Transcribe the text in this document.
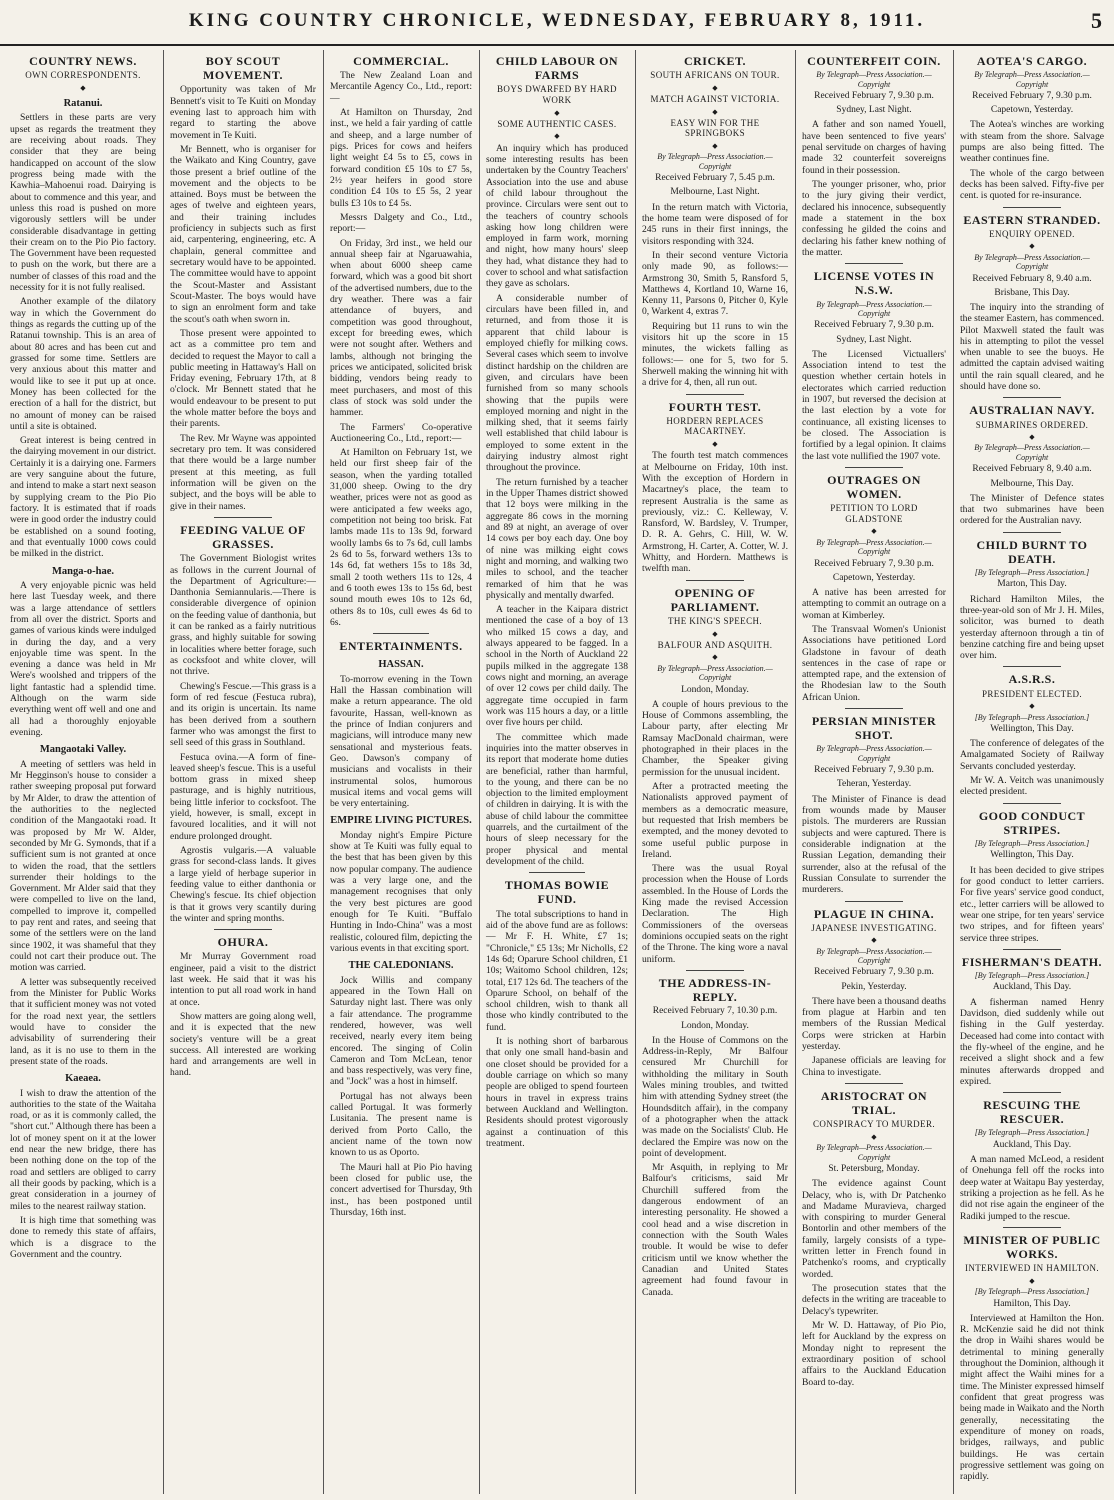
KING COUNTRY CHRONICLE, WEDNESDAY, FEBRUARY 8, 1911.	5
COUNTRY NEWS.
OWN CORRESPONDENTS.
◆
Ratanui.

Settlers in these parts are very upset as regards the treatment they are receiving about roads. They consider that they are being handicapped on account of the slow progress being made with the Kawhia–Mahoenui road. Dairying is about to commence and this year, and unless this road is pushed on more vigorously settlers will be under considerable disadvantage in getting their cream on to the Pio Pio factory. The Government have been requested to push on the work, but there are a number of classes of this road and the necessity for it is not fully realised.

Another example of the dilatory way in which the Government do things as regards the cutting up of the Ratanui township. This is an area of about 80 acres and has been cut and grassed for some time. Settlers are very anxious about this matter and would like to see it put up at once. Money has been collected for the erection of a hall for the district, but no amount of money can be raised until a site is obtained.

Great interest is being centred in the dairying movement in our district. Certainly it is a dairying one. Farmers are very sanguine about the future, and intend to make a start next season by supplying cream to the Pio Pio factory. It is estimated that if roads were in good order the industry could be established on a sound footing, and that eventually 1000 cows could be milked in the district.

Manga-o-hae.

A very enjoyable picnic was held here last Tuesday week, and there was a large attendance of settlers from all over the district. Sports and games of various kinds were indulged in during the day, and a very enjoyable time was spent. In the evening a dance was held in Mr Were's woolshed and trippers of the light fantastic had a splendid time. Although on the warm side everything went off well and one and all had a thoroughly enjoyable evening.

Mangaotaki Valley.

A meeting of settlers was held in Mr Hegginson's house to consider a rather sweeping proposal put forward by Mr Alder, to draw the attention of the authorities to the neglected condition of the Mangaotaki road. It was proposed by Mr W. Alder, seconded by Mr G. Symonds, that if a sufficient sum is not granted at once to widen the road, that the settlers surrender their holdings to the Government. Mr Alder said that they were compelled to live on the land, compelled to improve it, compelled to pay rent and rates, and seeing that some of the settlers were on the land since 1902, it was shameful that they could not cart their produce out. The motion was carried.

A letter was subsequently received from the Minister for Public Works that it sufficient money was not voted for the road next year, the settlers would have to consider the advisability of surrendering their land, as it is no use to them in the present state of the roads.

Kaeaea.

I wish to draw the attention of the authorities to the state of the Waitaha road, or as it is commonly called, the "short cut." Although there has been a lot of money spent on it at the lower end near the new bridge, there has been nothing done on the top of the road and settlers are obliged to carry all their goods by packing, which is a great consideration in a journey of miles to the nearest railway station.

It is high time that something was done to remedy this state of affairs, which is a disgrace to the Government and the country.

BOY SCOUT MOVEMENT.

Opportunity was taken of Mr Bennett's visit to Te Kuiti on Monday evening last to approach him with regard to starting the above movement in Te Kuiti.

Mr Bennett, who is organiser for the Waikato and King Country, gave those present a brief outline of the movement and the objects to be attained. Boys must be between the ages of twelve and eighteen years, and their training includes proficiency in subjects such as first aid, carpentering, engineering, etc. A chaplain, general committee and secretary would have to be appointed. The committee would have to appoint the Scout-Master and Assistant Scout-Master. The boys would have to sign an enrolment form and take the scout's oath when sworn in.

Those present were appointed to act as a committee pro tem and decided to request the Mayor to call a public meeting in Hattaway's Hall on Friday evening, February 17th, at 8 o'clock. Mr Bennett stated that he would endeavour to be present to put the whole matter before the boys and their parents.

The Rev. Mr Wayne was appointed secretary pro tem. It was considered that there would be a large number present at this meeting, as full information will be given on the subject, and the boys will be able to give in their names.

FEEDING VALUE OF GRASSES.

The Government Biologist writes as follows in the current Journal of the Department of Agriculture:— Danthonia Semiannularis.—There is considerable divergence of opinion on the feeding value of danthonia, but it can be ranked as a fairly nutritious grass, and highly suitable for sowing in localities where better forage, such as cocksfoot and white clover, will not thrive.

Chewing's Fescue.—This grass is a form of red fescue (Festuca rubra), and its origin is uncertain. Its name has been derived from a southern farmer who was amongst the first to sell seed of this grass in Southland.

Festuca ovina.—A form of fine-leaved sheep's fescue. This is a useful bottom grass in mixed sheep pasturage, and is highly nutritious, being little inferior to cocksfoot. The yield, however, is small, except in favoured localities, and it will not endure prolonged drought.

Agrostis vulgaris.—A valuable grass for second-class lands. It gives a large yield of herbage superior in feeding value to either danthonia or Chewing's fescue. Its chief objection is that it grows very scantily during the winter and spring months.

OHURA.

Mr Murray Government road engineer, paid a visit to the district last week. He said that it was his intention to put all road work in hand at once.

Show matters are going along well, and it is expected that the new society's venture will be a great success. All interested are working hard and arrangements are well in hand.

COMMERCIAL.

The New Zealand Loan and Mercantile Agency Co., Ltd., report:—

At Hamilton on Thursday, 2nd inst., we held a fair yarding of cattle and sheep, and a large number of pigs. Prices for cows and heifers light weight £4 5s to £5, cows in forward condition £5 10s to £7 5s, 2½ year heifers in good store condition £4 10s to £5 5s, 2 year bulls £3 10s to £4 5s.

Messrs Dalgety and Co., Ltd., report:—

On Friday, 3rd inst., we held our annual sheep fair at Ngaruawahia, when about 6000 sheep came forward, which was a good bit short of the advertised numbers, due to the dry weather. There was a fair attendance of buyers, and competition was good throughout, except for breeding ewes, which were not sought after. Wethers and lambs, although not bringing the prices we anticipated, solicited brisk bidding, vendors being ready to meet purchasers, and most of this class of stock was sold under the hammer.

The Farmers' Co-operative Auctioneering Co., Ltd., report:—

At Hamilton on February 1st, we held our first sheep fair of the season, when the yarding totalled 31,000 sheep. Owing to the dry weather, prices were not as good as were anticipated a few weeks ago, competition not being too brisk. Fat lambs made 11s to 13s 9d, forward woolly lambs 6s to 7s 6d, cull lambs 2s 6d to 5s, forward wethers 13s to 14s 6d, fat wethers 15s to 18s 3d, small 2 tooth wethers 11s to 12s, 4 and 6 tooth ewes 13s to 15s 6d, best sound mouth ewes 10s to 12s 6d, others 8s to 10s, cull ewes 4s 6d to 6s.

ENTERTAINMENTS.
HASSAN.

To-morrow evening in the Town Hall the Hassan combination will make a return appearance. The old favourite, Hassan, well-known as the prince of Indian conjurers and magicians, will introduce many new sensational and mysterious feats. Geo. Dawson's company of musicians and vocalists in their instrumental solos, humorous musical items and vocal gems will be very entertaining.

EMPIRE LIVING PICTURES.

Monday night's Empire Picture show at Te Kuiti was fully equal to the best that has been given by this now popular company. The audience was a very large one, and the management recognises that only the very best pictures are good enough for Te Kuiti. "Buffalo Hunting in Indo-China" was a most realistic, coloured film, depicting the various events in that exciting sport.

THE CALEDONIANS.

Jock Willis and company appeared in the Town Hall on Saturday night last. There was only a fair attendance. The programme rendered, however, was well received, nearly every item being encored. The singing of Colin Cameron and Tom McLean, tenor and bass respectively, was very fine, and "Jock" was a host in himself.

Portugal has not always been called Portugal. It was formerly Lusitania. The present name is derived from Porto Callo, the ancient name of the town now known to us as Oporto.

The Mauri hall at Pio Pio having been closed for public use, the concert advertised for Thursday, 9th inst., has been postponed until Thursday, 16th inst.

CHILD LABOUR ON FARMS
BOYS DWARFED BY HARD WORK
◆
SOME AUTHENTIC CASES.
◆

An inquiry which has produced some interesting results has been undertaken by the Country Teachers' Association into the use and abuse of child labour throughout the province. Circulars were sent out to the teachers of country schools asking how long children were employed in farm work, morning and night, how many hours' sleep they had, what distance they had to cover to school and what satisfaction they gave as scholars.

A considerable number of circulars have been filled in, and returned, and from those it is apparent that child labour is employed chiefly for milking cows. Several cases which seem to involve distinct hardship on the children are given, and circulars have been furnished from so many schools showing that the pupils were employed morning and night in the milking shed, that it seems fairly well established that child labour is employed to some extent in the dairying industry almost right throughout the province.

The return furnished by a teacher in the Upper Thames district showed that 12 boys were milking in the aggregate 86 cows in the morning and 89 at night, an average of over 14 cows per boy each day. One boy of nine was milking eight cows night and morning, and walking two miles to school, and the teacher remarked of him that he was physically and mentally dwarfed.

A teacher in the Kaipara district mentioned the case of a boy of 13 who milked 15 cows a day, and always appeared to be fagged. In a school in the North of Auckland 22 pupils milked in the aggregate 138 cows night and morning, an average of over 12 cows per child daily. The aggregate time occupied in farm work was 115 hours a day, or a little over five hours per child.

The committee which made inquiries into the matter observes in its report that moderate home duties are beneficial, rather than harmful, to the young, and there can be no objection to the limited employment of children in dairying. It is with the abuse of child labour the committee quarrels, and the curtailment of the hours of sleep necessary for the proper physical and mental development of the child.

THOMAS BOWIE FUND.

The total subscriptions to hand in aid of the above fund are as follows:— Mr F. H. White, £7 1s; "Chronicle," £5 13s; Mr Nicholls, £2 14s 6d; Oparure School children, £1 10s; Waitomo School children, 12s; total, £17 12s 6d. The teachers of the Oparure School, on behalf of the school children, wish to thank all those who kindly contributed to the fund.

It is nothing short of barbarous that only one small hand-basin and one closet should be provided for a double carriage on which so many people are obliged to spend fourteen hours in travel in express trains between Auckland and Wellington. Residents should protest vigorously against a continuation of this treatment.

CRICKET.
SOUTH AFRICANS ON TOUR.
◆
MATCH AGAINST VICTORIA.
◆
EASY WIN FOR THE SPRINGBOKS
◆
By Telegraph—Press Association.—Copyright
Received February 7, 5.45 p.m.
Melbourne, Last Night.

In the return match with Victoria, the home team were disposed of for 245 runs in their first innings, the visitors responding with 324.

In their second venture Victoria only made 90, as follows:—Armstrong 30, Smith 5, Ransford 5, Matthews 4, Kortland 10, Warne 16, Kenny 11, Parsons 0, Pitcher 0, Kyle 0, Warkent 4, extras 7.

Requiring but 11 runs to win the visitors hit up the score in 15 minutes, the wickets falling as follows:— one for 5, two for 5. Sherwell making the winning hit with a drive for 4, then, all run out.

FOURTH TEST.
HORDERN REPLACES MACARTNEY.
◆

The fourth test match commences at Melbourne on Friday, 10th inst. With the exception of Hordern in Macartney's place, the team to represent Australia is the same as previously, viz.: C. Kelleway, V. Ransford, W. Bardsley, V. Trumper, D. R. A. Gehrs, C. Hill, W. W. Armstrong, H. Carter, A. Cotter, W. J. Whitty, and Hordern. Matthews is twelfth man.

OPENING OF PARLIAMENT.
THE KING'S SPEECH.
◆
BALFOUR AND ASQUITH.
◆
By Telegraph—Press Association.—Copyright
London, Monday.

A couple of hours previous to the House of Commons assembling, the Labour party, after electing Mr Ramsay MacDonald chairman, were photographed in their places in the Chamber, the Speaker giving permission for the unusual incident.

After a protracted meeting the Nationalists approved payment of members as a democratic measure, but requested that Irish members be exempted, and the money devoted to some useful public purpose in Ireland.

There was the usual Royal procession when the House of Lords assembled. In the House of Lords the King made the revised Accession Declaration. The High Commissioners of the overseas dominions occupied seats on the right of the Throne. The king wore a naval uniform.

THE ADDRESS-IN-REPLY.
Received February 7, 10.30 p.m.
London, Monday.

In the House of Commons on the Address-in-Reply, Mr Balfour censured Mr Churchill for withholding the military in South Wales mining troubles, and twitted him with attending Sydney street (the Houndsditch affair), in the company of a photographer when the attack was made on the Socialists' Club. He declared the Empire was now on the point of development.

Mr Asquith, in replying to Mr Balfour's criticisms, said Mr Churchill suffered from the dangerous endowment of an interesting personality. He showed a cool head and a wise discretion in connection with the South Wales trouble. It would be wise to defer criticism until we know whether the Canadian and United States agreement had found favour in Canada.

COUNTERFEIT COIN.
By Telegraph—Press Association.—Copyright
Received February 7, 9.30 p.m.
Sydney, Last Night.

A father and son named Youell, have been sentenced to five years' penal servitude on charges of having made 32 counterfeit sovereigns found in their possession.

The younger prisoner, who, prior to the jury giving their verdict, declared his innocence, subsequently made a statement in the box confessing he gilded the coins and declaring his father knew nothing of the matter.

LICENSE VOTES IN N.S.W.
By Telegraph—Press Association.—Copyright
Received February 7, 9.30 p.m.
Sydney, Last Night.

The Licensed Victuallers' Association intend to test the question whether certain hotels in electorates which carried reduction in 1907, but reversed the decision at the last election by a vote for continuance, all existing licenses to be closed. The Association is fortified by a legal opinion. It claims the last vote nullified the 1907 vote.

OUTRAGES ON WOMEN.
PETITION TO LORD GLADSTONE
◆
By Telegraph—Press Association.—Copyright
Received February 7, 9.30 p.m.
Capetown, Yesterday.

A native has been arrested for attempting to commit an outrage on a woman at Kimberley.

The Transvaal Women's Unionist Associations have petitioned Lord Gladstone in favour of death sentences in the case of rape or attempted rape, and the extension of the Rhodesian law to the South African Union.

PERSIAN MINISTER SHOT.
By Telegraph—Press Association.—Copyright
Received February 7, 9.30 p.m.
Teheran, Yesterday.

The Minister of Finance is dead from wounds made by Mauser pistols. The murderers are Russian subjects and were captured. There is considerable indignation at the Russian Legation, demanding their surrender, also at the refusal of the Russian Consulate to surrender the murderers.

PLAGUE IN CHINA.
JAPANESE INVESTIGATING.
◆
By Telegraph—Press Association.—Copyright
Received February 7, 9.30 p.m.
Pekin, Yesterday.

There have been a thousand deaths from plague at Harbin and ten members of the Russian Medical Corps were stricken at Harbin yesterday.

Japanese officials are leaving for China to investigate.

ARISTOCRAT ON TRIAL.
CONSPIRACY TO MURDER.
◆
By Telegraph—Press Association.—Copyright
St. Petersburg, Monday.

The evidence against Count Delacy, who is, with Dr Patchenko and Madame Muravieva, charged with conspiring to murder General Bontorlin and other members of the family, largely consists of a type-written letter in French found in Patchenko's rooms, and cryptically worded.

The prosecution states that the defects in the writing are traceable to Delacy's typewriter.

Mr W. D. Hattaway, of Pio Pio, left for Auckland by the express on Monday night to represent the extraordinary position of school affairs to the Auckland Education Board to-day.

AOTEA'S CARGO.
By Telegraph—Press Association.—Copyright
Received February 7, 9.30 p.m.
Capetown, Yesterday.

The Aotea's winches are working with steam from the shore. Salvage pumps are also being fitted. The weather continues fine.

The whole of the cargo between decks has been salved. Fifty-five per cent. is quoted for re-insurance.

EASTERN STRANDED.
ENQUIRY OPENED.
◆
By Telegraph—Press Association.—Copyright
Received February 8, 9.40 a.m.
Brisbane, This Day.

The inquiry into the stranding of the steamer Eastern, has commenced. Pilot Maxwell stated the fault was his in attempting to pilot the vessel when unable to see the buoys. He admitted the captain advised waiting until the rain squall cleared, and he should have done so.

AUSTRALIAN NAVY.
SUBMARINES ORDERED.
◆
By Telegraph—Press Association.—Copyright
Received February 8, 9.40 a.m.
Melbourne, This Day.

The Minister of Defence states that two submarines have been ordered for the Australian navy.

CHILD BURNT TO DEATH.
[By Telegraph—Press Association.]
Marton, This Day.

Richard Hamilton Miles, the three-year-old son of Mr J. H. Miles, solicitor, was burned to death yesterday afternoon through a tin of benzine catching fire and being upset over him.

A.S.R.S.
PRESIDENT ELECTED.
◆
[By Telegraph—Press Association.]
Wellington, This Day.

The conference of delegates of the Amalgamated Society of Railway Servants concluded yesterday.

Mr W. A. Veitch was unanimously elected president.

GOOD CONDUCT STRIPES.
[By Telegraph—Press Association.]
Wellington, This Day.

It has been decided to give stripes for good conduct to letter carriers. For five years' service good conduct, etc., letter carriers will be allowed to wear one stripe, for ten years' service two stripes, and for fifteen years' service three stripes.

FISHERMAN'S DEATH.
[By Telegraph—Press Association.]
Auckland, This Day.

A fisherman named Henry Davidson, died suddenly while out fishing in the Gulf yesterday. Deceased had come into contact with the fly-wheel of the engine, and he received a slight shock and a few minutes afterwards dropped and expired.

RESCUING THE RESCUER.
[By Telegraph—Press Association.]
Auckland, This Day.

A man named McLeod, a resident of Onehunga fell off the rocks into deep water at Waitapu Bay yesterday, striking a projection as he fell. As he did not rise again the engineer of the Radiki jumped to the rescue.

MINISTER OF PUBLIC WORKS.
INTERVIEWED IN HAMILTON.
◆
[By Telegraph—Press Association.]
Hamilton, This Day.

Interviewed at Hamilton the Hon. R. McKenzie said he did not think the drop in Waihi shares would be detrimental to mining generally throughout the Dominion, although it might affect the Waihi mines for a time. The Minister expressed himself confident that great progress was being made in Waikato and the North generally, necessitating the expenditure of money on roads, bridges, railways, and public buildings. He was certain progressive settlement was going on rapidly.
